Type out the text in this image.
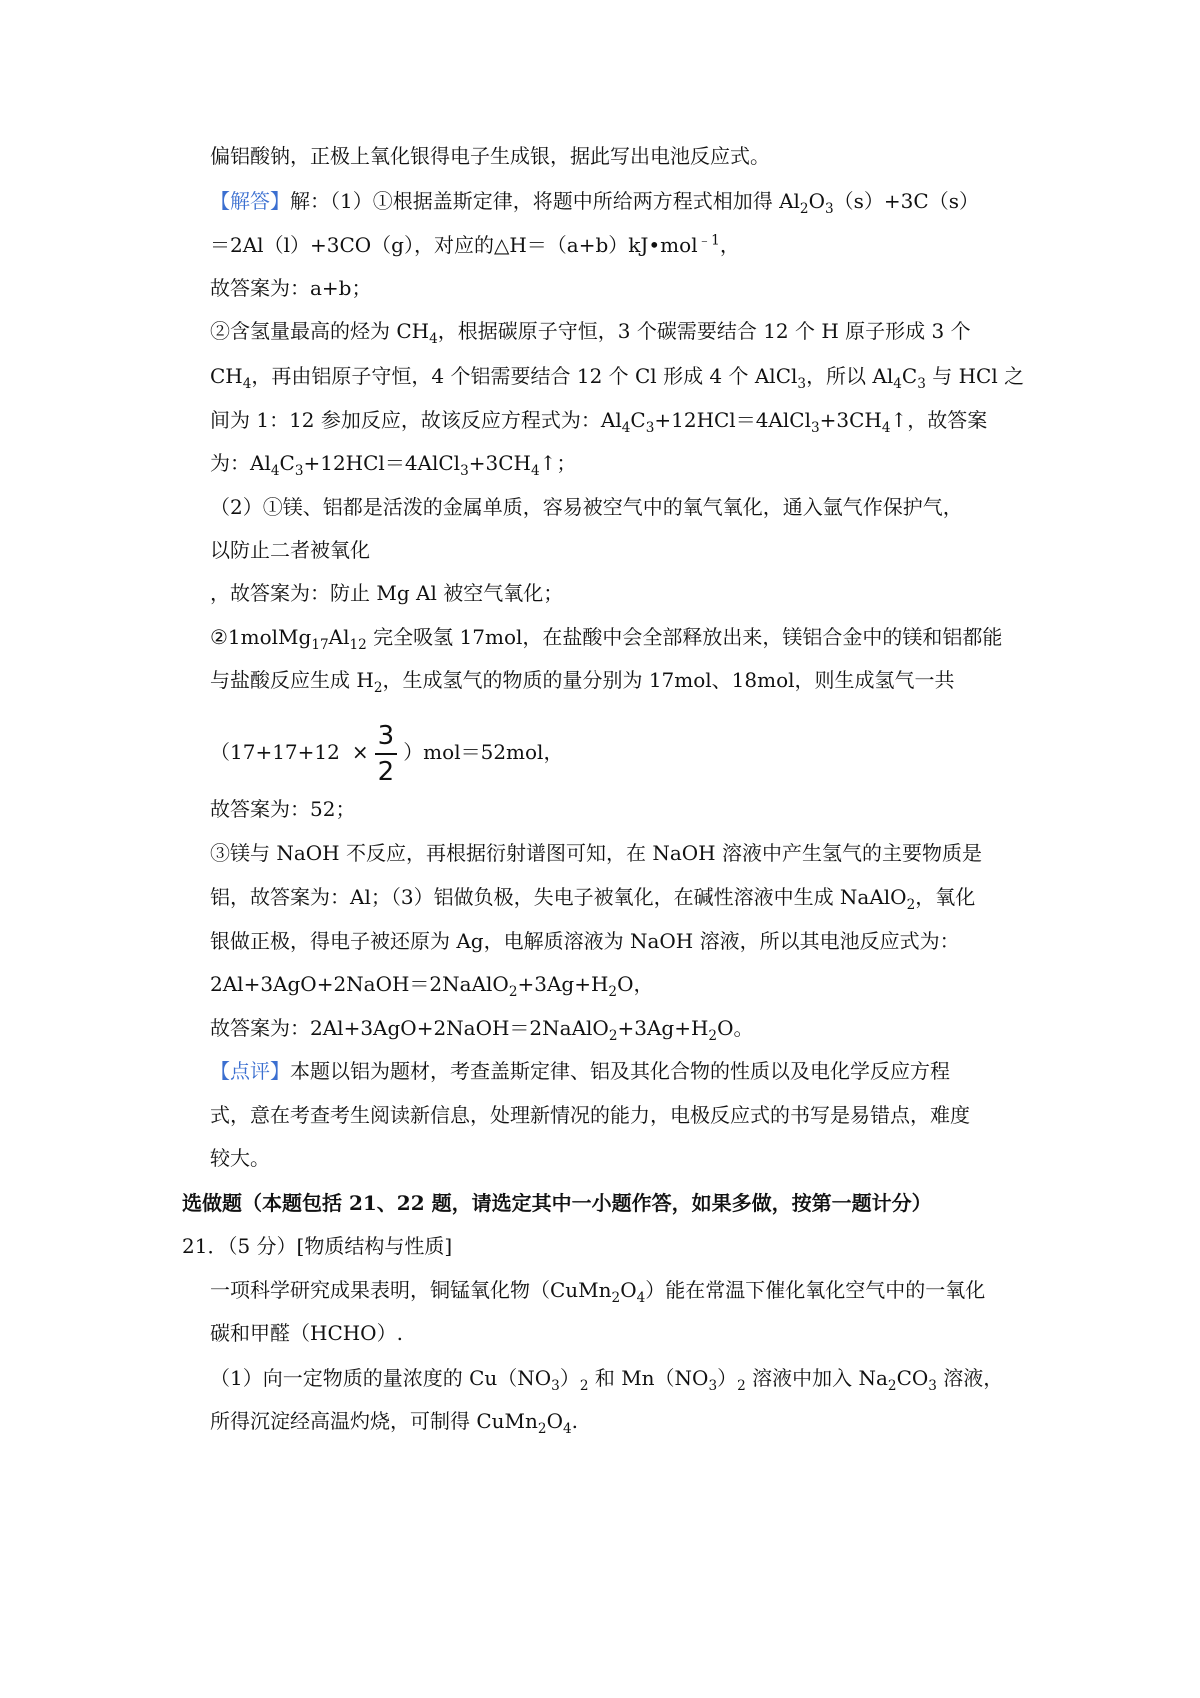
偏铝酸钠，正极上氧化银得电子生成银，据此写出电池反应式。
【解答】解：（1）①根据盖斯定律，将题中所给两方程式相加得 $Al_2O_3(s)+3C(s)$
＝2Al（l）+3CO（g），对应的△H＝（a+b）kJ•mol$^{﹣1}$，
故答案为：a+b；
②含氢量最高的烃为 $CH_4$，根据碳原子守恒，3 个碳需要结合 12 个 H 原子形成 3 个
$CH_4$，再由铝原子守恒，4 个铝需要结合 12 个 Cl 形成 4 个 AlCl$_3$，所以 $Al_4C_3$ 与 HCl 之
间为 1：12 参加反应，故该反应方程式为：$Al_4C_3+12HCl=4AlCl_3+3CH_4↑$，故答案
为：$Al_4C_3+12HCl=4AlCl_3+3CH_4↑$；
（2）①镁、铝都是活泼的金属单质，容易被空气中的氧气氧化，通入氩气作保护气，
以防止二者被氧化
，故答案为：防止 Mg Al 被空气氧化；
$②1molMg_{17}Al_{12}$ 完全吸氢 17mol，在盐酸中会全部释放出来，镁铝合金中的镁和铝都能
与盐酸反应生成 $H_2$，生成氢气的物质的量分别为 17mol、18mol，则生成氢气一共
$(17+17+12 \times \frac{3}{2} )mol=52mol$，
故答案为：52；
③镁与 NaOH 不反应，再根据衍射谱图可知，在 NaOH 溶液中产生氢气的主要物质是
铝，故答案为：Al；（3）铝做负极，失电子被氧化，在碱性溶液中生成 NaAlO$_2$，氧化
银做正极，得电子被还原为 Ag，电解质溶液为 NaOH 溶液，所以其电池反应式为：
$2Al+3AgO+2NaOH=2NaAlO_2+3Ag+H_2O$，
故答案为：$2Al+3AgO+2NaOH=2NaAlO_2+3Ag+H_2O$。
【点评】本题以铝为题材，考查盖斯定律、铝及其化合物的性质以及电化学反应方程
式，意在考查考生阅读新信息，处理新情况的能力，电极反应式的书写是易错点，难度
较大。
选做题（本题包括 21、22 题，请选定其中一小题作答，如果多做，按第一题计分）
21．（5 分）[物质结构与性质]
一项科学研究成果表明，铜锰氧化物$(CuMn_2O_4)$能在常温下催化氧化空气中的一氧化
碳和甲醛（HCHO）.
（1）向一定物质的量浓度的 $Cu(NO_3)_2$ 和 $Mn(NO_3)_2$ 溶液中加入 $Na_2CO_3$ 溶液，
所得沉淀经高温灼烧，可制得 $CuMn_2O_4$.
